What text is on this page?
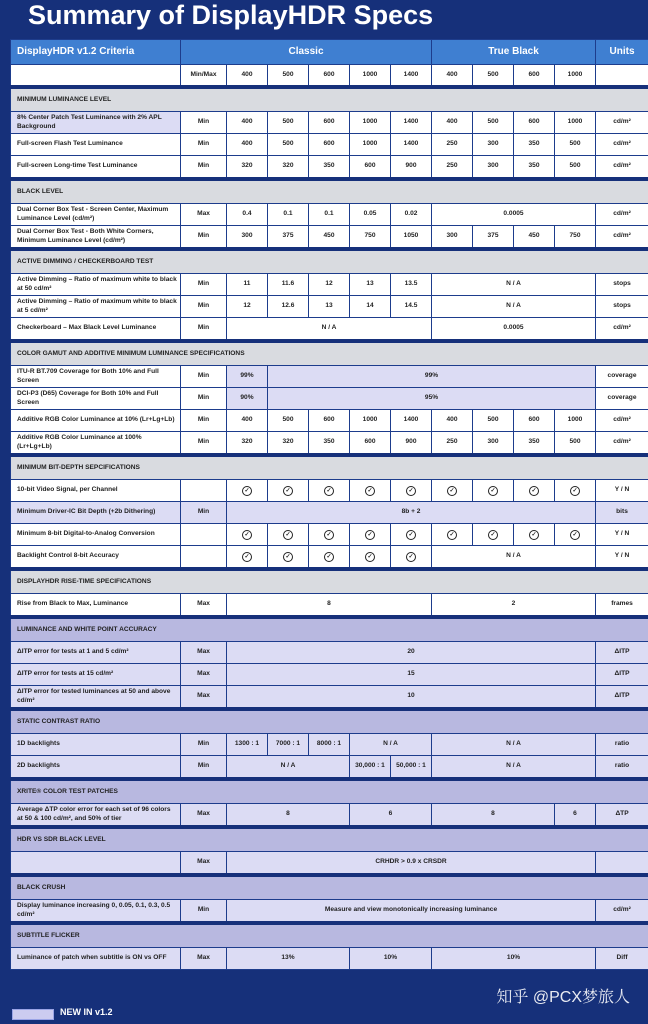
Summary of DisplayHDR Specs
DisplayHDR v1.2 Criteria	Classic						True Black				Units
	Min/Max	400	500	600	1000	1400	400	500	600	1000	
MINIMUM LUMINANCE LEVEL											
8% Center Patch Test Luminance with 2% APL Background	Min	400	500	600	1000	1400	400	500	600	1000	cd/m²
Full-screen Flash Test Luminance	Min	400	500	600	1000	1400	250	300	350	500	cd/m²
Full-screen Long-time Test Luminance	Min	320	320	350	600	900	250	300	350	500	cd/m²
BLACK LEVEL											
Dual Corner Box Test - Screen Center, Maximum Luminance Level (cd/m²)	Max	0.4	0.1	0.1	0.05	0.02	0.0005				cd/m²
Dual Corner Box Test - Both White Corners, Minimum Luminance Level (cd/m²)	Min	300	375	450	750	1050	300	375	450	750	cd/m²
ACTIVE DIMMING / CHECKERBOARD TEST											
Active Dimming – Ratio of maximum white to black at 50 cd/m²	Min	11	11.6	12	13	13.5	N / A				stops
Active Dimming – Ratio of maximum white to black at 5 cd/m²	Min	12	12.6	13	14	14.5	N / A				stops
Checkerboard – Max Black Level Luminance	Min	N / A					0.0005				cd/m²
COLOR GAMUT AND ADDITIVE MINIMUM LUMINANCE SPECIFICATIONS											
ITU-R BT.709 Coverage for Both 10% and Full Screen	Min	99%	99%								coverage
DCI-P3 (D65) Coverage for Both 10% and Full Screen	Min	90%	95%								coverage
Additive RGB Color Luminance at 10% (Lr+Lg+Lb)	Min	400	500	600	1000	1400	400	500	600	1000	cd/m²
Additive RGB Color Luminance at 100% (Lr+Lg+Lb)	Min	320	320	350	600	900	250	300	350	500	cd/m²
MINIMUM BIT-DEPTH SEPCIFICATIONS											
10-bit Video Signal, per Channel		✓	✓	✓	✓	✓	✓	✓	✓	✓	Y / N
Minimum Driver-IC Bit Depth (+2b Dithering)	Min	8b + 2									bits
Minimum 8-bit Digital-to-Analog Conversion		✓	✓	✓	✓	✓	✓	✓	✓	✓	Y / N
Backlight Control 8-bit Accuracy		✓	✓	✓	✓	✓	N / A				Y / N
DISPLAYHDR RISE-TIME SPECIFICATIONS											
Rise from Black to Max, Luminance	Max	8					2				frames
LUMINANCE AND WHITE POINT ACCURACY											
ΔITP error for tests at 1 and 5 cd/m²	Max	20									ΔITP
ΔITP error for tests at 15 cd/m²	Max	15									ΔITP
ΔITP error for tested luminances at 50 and above cd/m²	Max	10									ΔITP
STATIC CONTRAST RATIO											
1D backlights	Min	1300 : 1	7000 : 1	8000 : 1	N / A		N / A				ratio
2D backlights	Min	N / A			30,000 : 1	50,000 : 1	N / A				ratio
XRITE® COLOR TEST PATCHES											
Average ΔTP color error for each set of 96 colors at 50 & 100 cd/m², and 50% of tier	Max	8			6		8			6	ΔTP
HDR VS SDR BLACK LEVEL											
	Max	CRHDR > 0.9 x CRSDR									
BLACK CRUSH											
Display luminance increasing 0, 0.05, 0.1, 0.3, 0.5 cd/m²	Min	Measure and view monotonically increasing luminance									cd/m²
SUBTITLE FLICKER											
Luminance of patch when subtitle is ON vs OFF	Max	13%			10%		10%				Diff
NEW IN v1.2
知乎 @PCX梦旅人
